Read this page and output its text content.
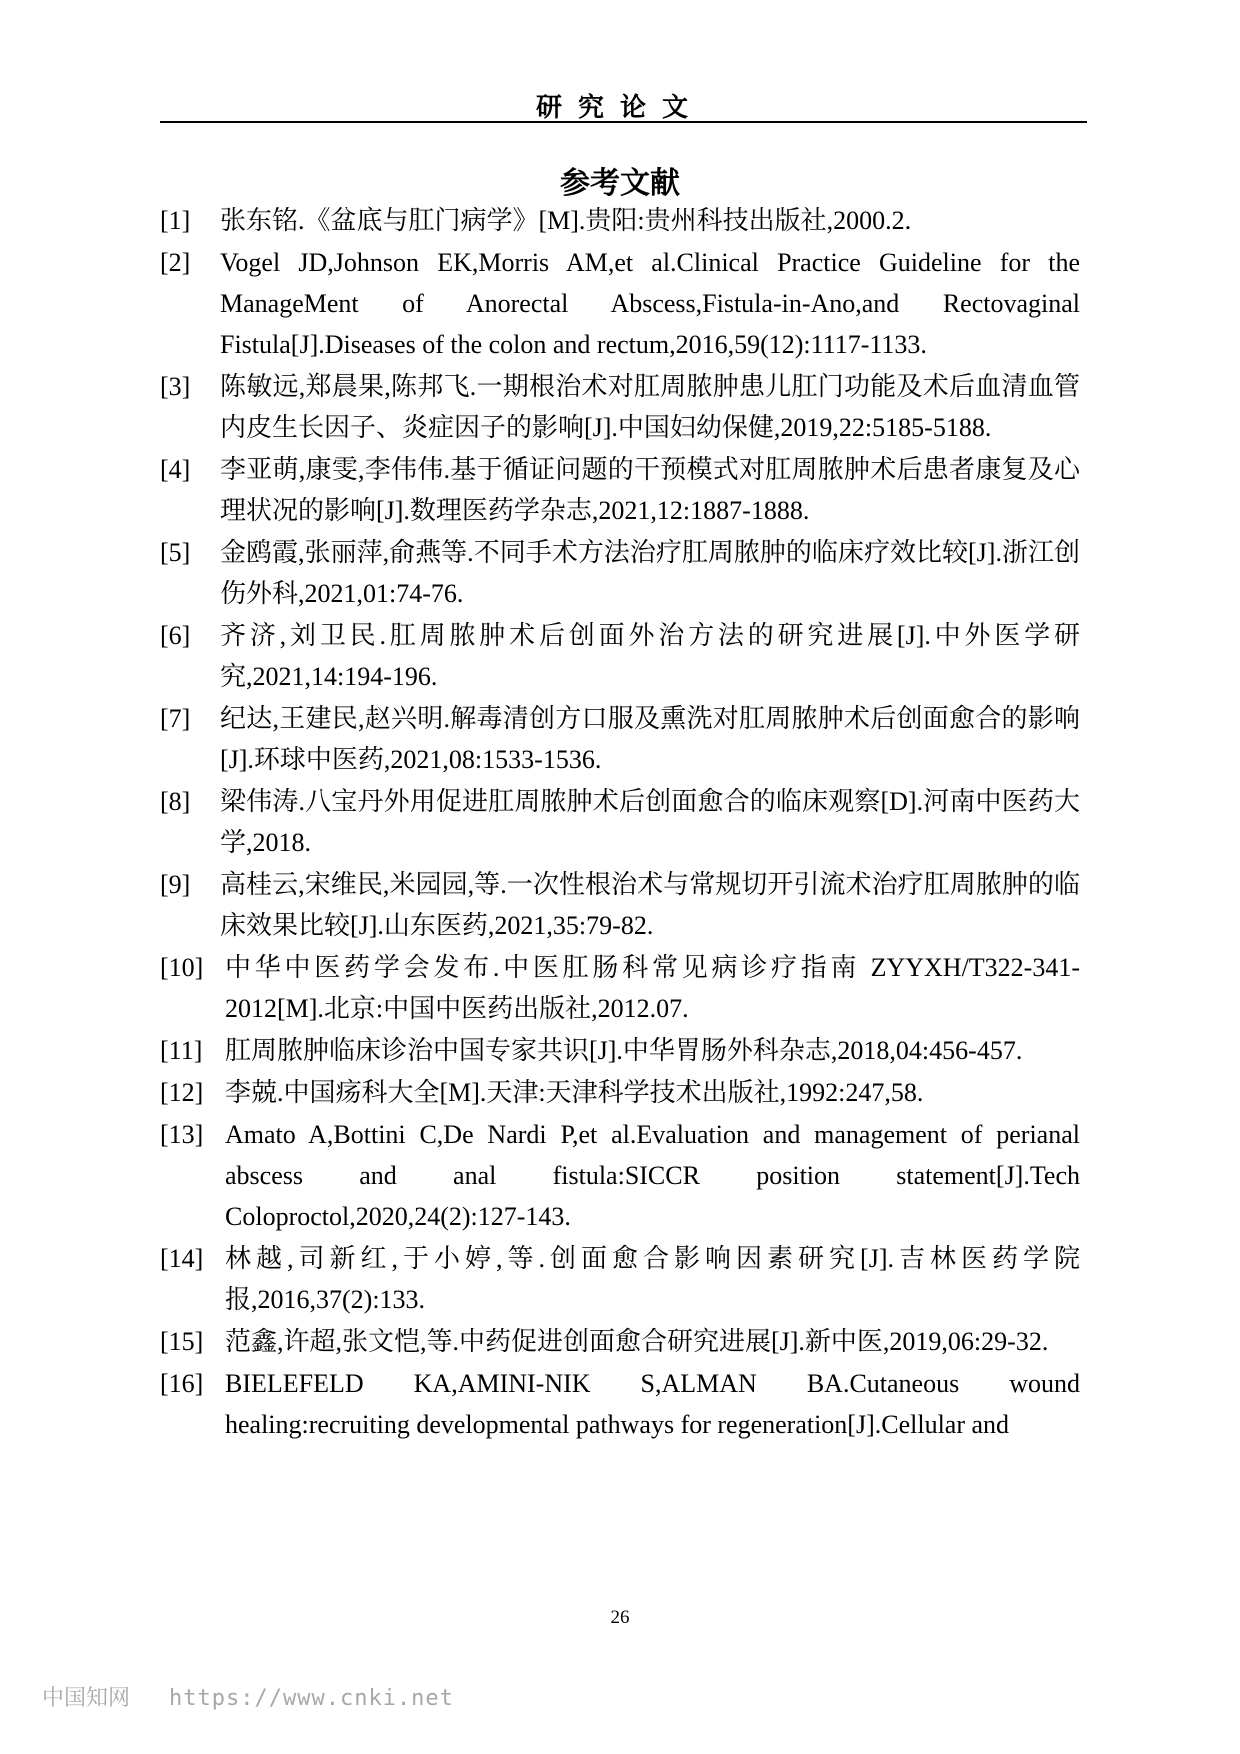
研究论文
参考文献
[1]	张东铭.《盆底与肛门病学》[M].贵阳:贵州科技出版社,2000.2.
[2]	Vogel JD,Johnson EK,Morris AM,et al.Clinical Practice Guideline for the ManageMent of Anorectal Abscess,Fistula-in-Ano,and Rectovaginal Fistula[J].Diseases of the colon and rectum,2016,59(12):1117-1133.
[3]	陈敏远,郑晨果,陈邦飞.一期根治术对肛周脓肿患儿肛门功能及术后血清血管内皮生长因子、炎症因子的影响[J].中国妇幼保健,2019,22:5185-5188.
[4]	李亚萌,康雯,李伟伟.基于循证问题的干预模式对肛周脓肿术后患者康复及心理状况的影响[J].数理医药学杂志,2021,12:1887-1888.
[5]	金鸥霞,张丽萍,俞燕等.不同手术方法治疗肛周脓肿的临床疗效比较[J].浙江创伤外科,2021,01:74-76.
[6]	齐济,刘卫民.肛周脓肿术后创面外治方法的研究进展[J].中外医学研究,2021,14:194-196.
[7]	纪达,王建民,赵兴明.解毒清创方口服及熏洗对肛周脓肿术后创面愈合的影响[J].环球中医药,2021,08:1533-1536.
[8]	梁伟涛.八宝丹外用促进肛周脓肿术后创面愈合的临床观察[D].河南中医药大学,2018.
[9]	高桂云,宋维民,米园园,等.一次性根治术与常规切开引流术治疗肛周脓肿的临床效果比较[J].山东医药,2021,35:79-82.
[10] 中华中医药学会发布.中医肛肠科常见病诊疗指南 ZYYXH/T322-341-2012[M].北京:中国中医药出版社,2012.07.
[11] 肛周脓肿临床诊治中国专家共识[J].中华胃肠外科杂志,2018,04:456-457.
[12] 李兢.中国疡科大全[M].天津:天津科学技术出版社,1992:247,58.
[13] Amato A,Bottini C,De Nardi P,et al.Evaluation and management of perianal abscess and anal fistula:SICCR position statement[J].Tech Coloproctol,2020,24(2):127-143.
[14] 林越,司新红,于小婷,等.创面愈合影响因素研究[J].吉林医药学院报,2016,37(2):133.
[15] 范鑫,许超,张文恺,等.中药促进创面愈合研究进展[J].新中医,2019,06:29-32.
[16] BIELEFELD KA,AMINI-NIK S,ALMAN BA.Cutaneous wound healing:recruiting developmental pathways for regeneration[J].Cellular and
26
中国知网 https://www.cnki.net
